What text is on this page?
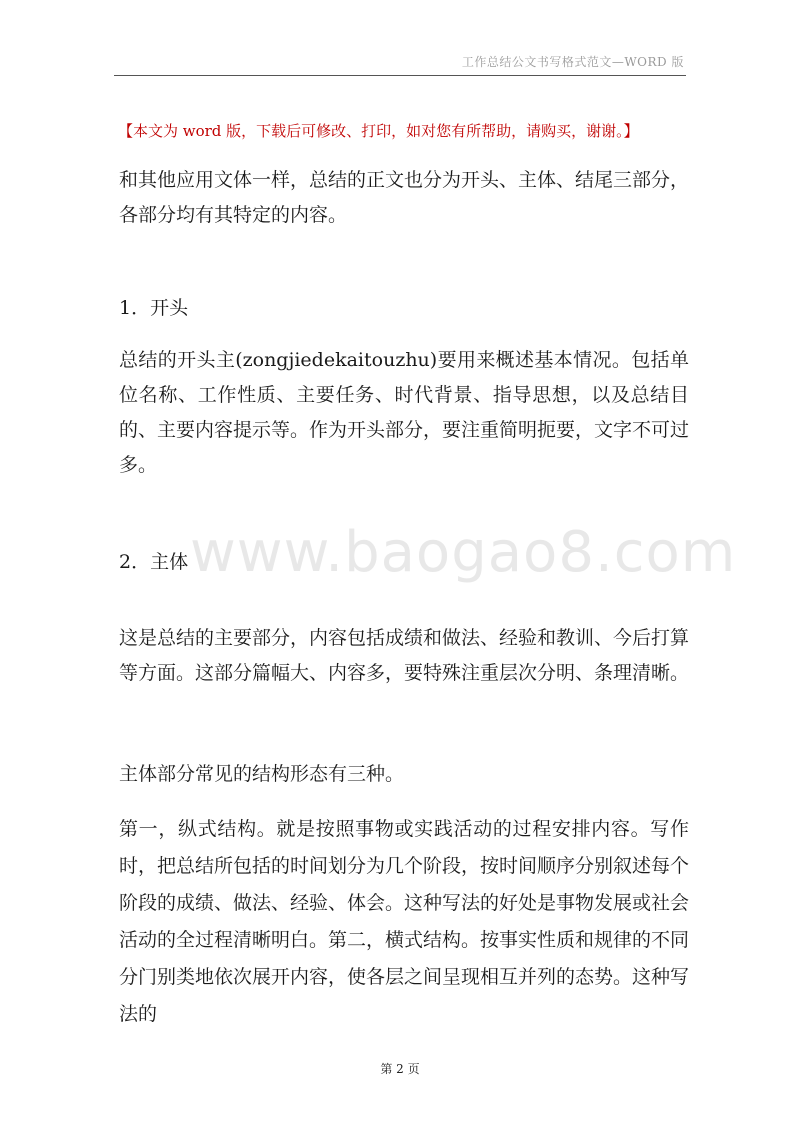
工作总结公文书写格式范文—WORD 版
【本文为 word 版，下载后可修改、打印，如对您有所帮助，请购买，谢谢。】

和其他应用文体一样，总结的正文也分为开头、主体、结尾三部分，各部分均有其特定的内容。

1．开头

总结的开头主(zongjiedekaitouzhu)要用来概述基本情况。包括单位名称、工作性质、主要任务、时代背景、指导思想，以及总结目的、主要内容提示等。作为开头部分，要注重简明扼要，文字不可过多。

2．主体

这是总结的主要部分，内容包括成绩和做法、经验和教训、今后打算等方面。这部分篇幅大、内容多，要特殊注重层次分明、条理清晰。

主体部分常见的结构形态有三种。

第一，纵式结构。就是按照事物或实践活动的过程安排内容。写作时，把总结所包括的时间划分为几个阶段，按时间顺序分别叙述每个阶段的成绩、做法、经验、体会。这种写法的好处是事物发展或社会活动的全过程清晰明白。第二，横式结构。按事实性质和规律的不同分门别类地依次展开内容，使各层之间呈现相互并列的态势。这种写法的

www.baogao8.com
第 2 页
